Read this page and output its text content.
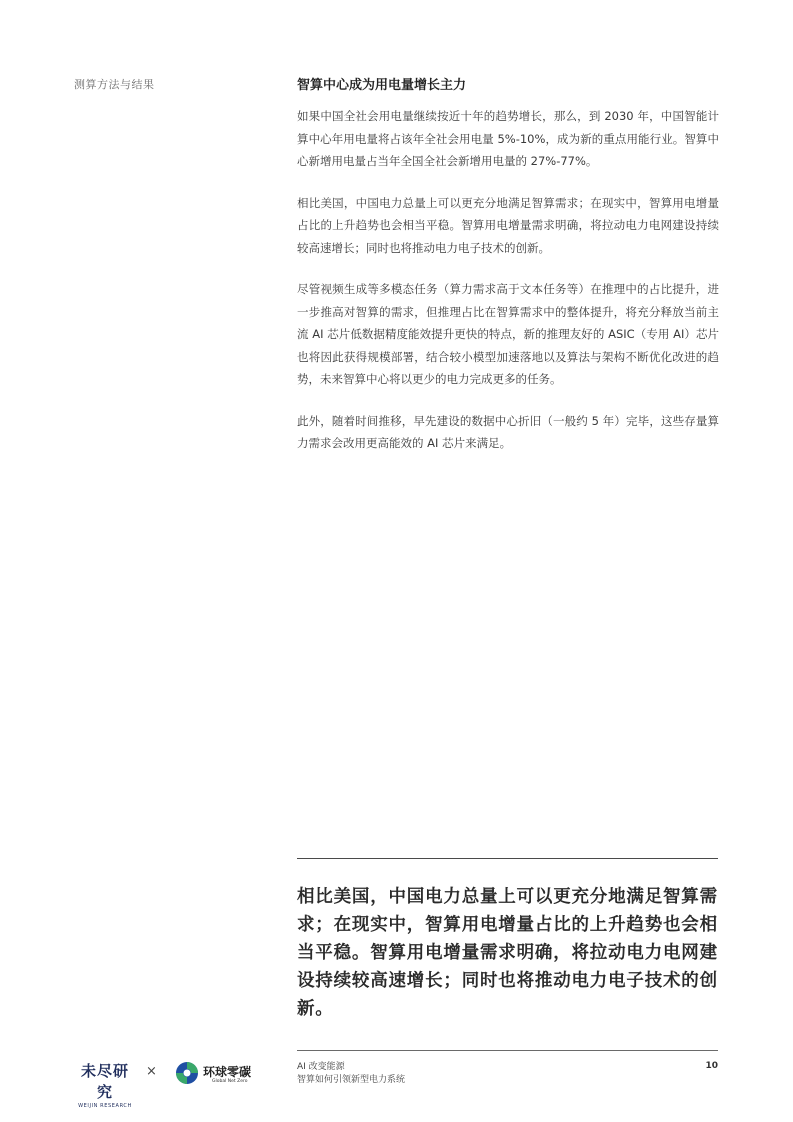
测算方法与结果	智算中心成为用电量增长主力

如果中国全社会用电量继续按近十年的趋势增长，那么，到 2030 年，中国智能计算中心年用电量将占该年全社会用电量 5%-10%，成为新的重点用能行业。智算中心新增用电量占当年全国全社会新增用电量的 27%-77%。

相比美国，中国电力总量上可以更充分地满足智算需求；在现实中，智算用电增量占比的上升趋势也会相当平稳。智算用电增量需求明确，将拉动电力电网建设持续较高速增长；同时也将推动电力电子技术的创新。

尽管视频生成等多模态任务（算力需求高于文本任务等）在推理中的占比提升，进一步推高对智算的需求，但推理占比在智算需求中的整体提升，将充分释放当前主流 AI 芯片低数据精度能效提升更快的特点，新的推理友好的 ASIC（专用 AI）芯片也将因此获得规模部署，结合较小模型加速落地以及算法与架构不断优化改进的趋势，未来智算中心将以更少的电力完成更多的任务。

此外，随着时间推移，早先建设的数据中心折旧（一般约 5 年）完毕，这些存量算力需求会改用更高能效的 AI 芯片来满足。

相比美国，中国电力总量上可以更充分地满足智算需求；在现实中，智算用电增量占比的上升趋势也会相当平稳。智算用电增量需求明确，将拉动电力电网建设持续较高速增长；同时也将推动电力电子技术的创新。
未尽研究
WEIJIN RESEARCH
×	环球零碳
Global Net Zero
AI 改变能源
智算如何引领新型电力系统
10
